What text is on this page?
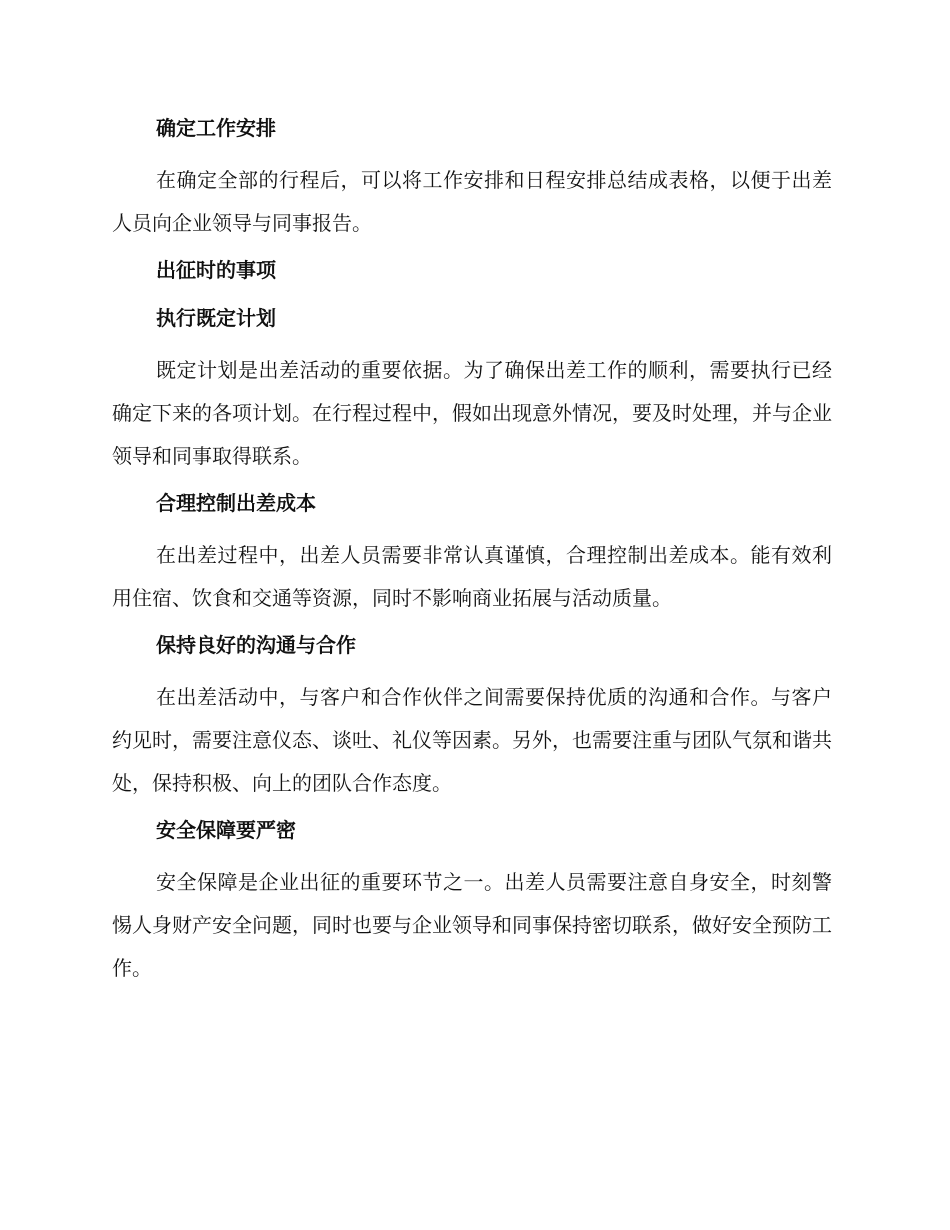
确定工作安排
在确定全部的行程后，可以将工作安排和日程安排总结成表格，以便于出差人员向企业领导与同事报告。
出征时的事项
执行既定计划
既定计划是出差活动的重要依据。为了确保出差工作的顺利，需要执行已经确定下来的各项计划。在行程过程中，假如出现意外情况，要及时处理，并与企业领导和同事取得联系。
合理控制出差成本
在出差过程中，出差人员需要非常认真谨慎，合理控制出差成本。能有效利用住宿、饮食和交通等资源，同时不影响商业拓展与活动质量。
保持良好的沟通与合作
在出差活动中，与客户和合作伙伴之间需要保持优质的沟通和合作。与客户约见时，需要注意仪态、谈吐、礼仪等因素。另外，也需要注重与团队气氛和谐共处，保持积极、向上的团队合作态度。
安全保障要严密
安全保障是企业出征的重要环节之一。出差人员需要注意自身安全，时刻警惕人身财产安全问题，同时也要与企业领导和同事保持密切联系，做好安全预防工作。
